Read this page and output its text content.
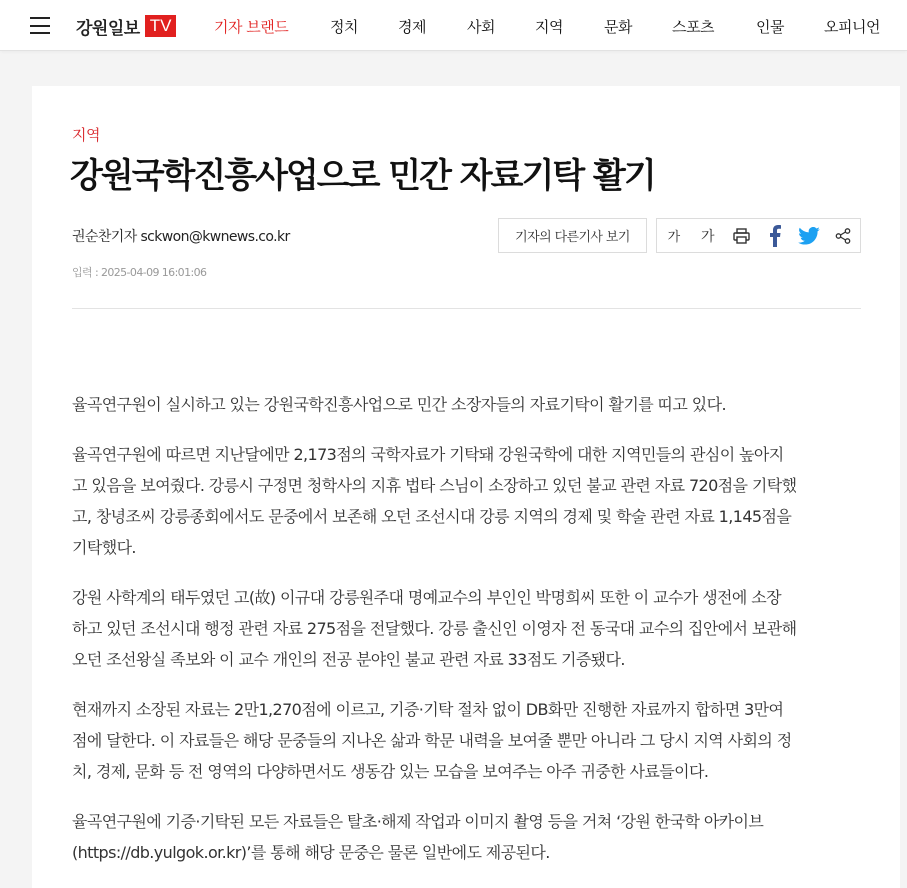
강원일보 TV	기자 브랜드	정치	경제	사회	지역	문화	스포츠	인물	오피니언
지역
강원국학진흥사업으로 민간 자료기탁 활기
권순찬기자 sckwon@kwnews.co.kr	기자의 다른기사 보기	가	가
입력 : 2025-04-09 16:01:06

율곡연구원이 실시하고 있는 강원국학진흥사업으로 민간 소장자들의 자료기탁이 활기를 띠고 있다.

율곡연구원에 따르면 지난달에만 2,173점의 국학자료가 기탁돼 강원국학에 대한 지역민들의 관심이 높아지
고 있음을 보여줬다. 강릉시 구정면 청학사의 지휴 법타 스님이 소장하고 있던 불교 관련 자료 720점을 기탁했
고, 창녕조씨 강릉종회에서도 문중에서 보존해 오던 조선시대 강릉 지역의 경제 및 학술 관련 자료 1,145점을
기탁했다.

강원 사학계의 태두였던 고(故) 이규대 강릉원주대 명예교수의 부인인 박명희씨 또한 이 교수가 생전에 소장
하고 있던 조선시대 행정 관련 자료 275점을 전달했다. 강릉 출신인 이영자 전 동국대 교수의 집안에서 보관해
오던 조선왕실 족보와 이 교수 개인의 전공 분야인 불교 관련 자료 33점도 기증됐다.

현재까지 소장된 자료는 2만1,270점에 이르고, 기증·기탁 절차 없이 DB화만 진행한 자료까지 합하면 3만여
점에 달한다. 이 자료들은 해당 문중들의 지나온 삶과 학문 내력을 보여줄 뿐만 아니라 그 당시 지역 사회의 정
치, 경제, 문화 등 전 영역의 다양하면서도 생동감 있는 모습을 보여주는 아주 귀중한 사료들이다.

율곡연구원에 기증·기탁된 모든 자료들은 탈초·해제 작업과 이미지 촬영 등을 거쳐 ‘강원 한국학 아카이브
(https://db.yulgok.or.kr)’를 통해 해당 문중은 물론 일반에도 제공된다.
